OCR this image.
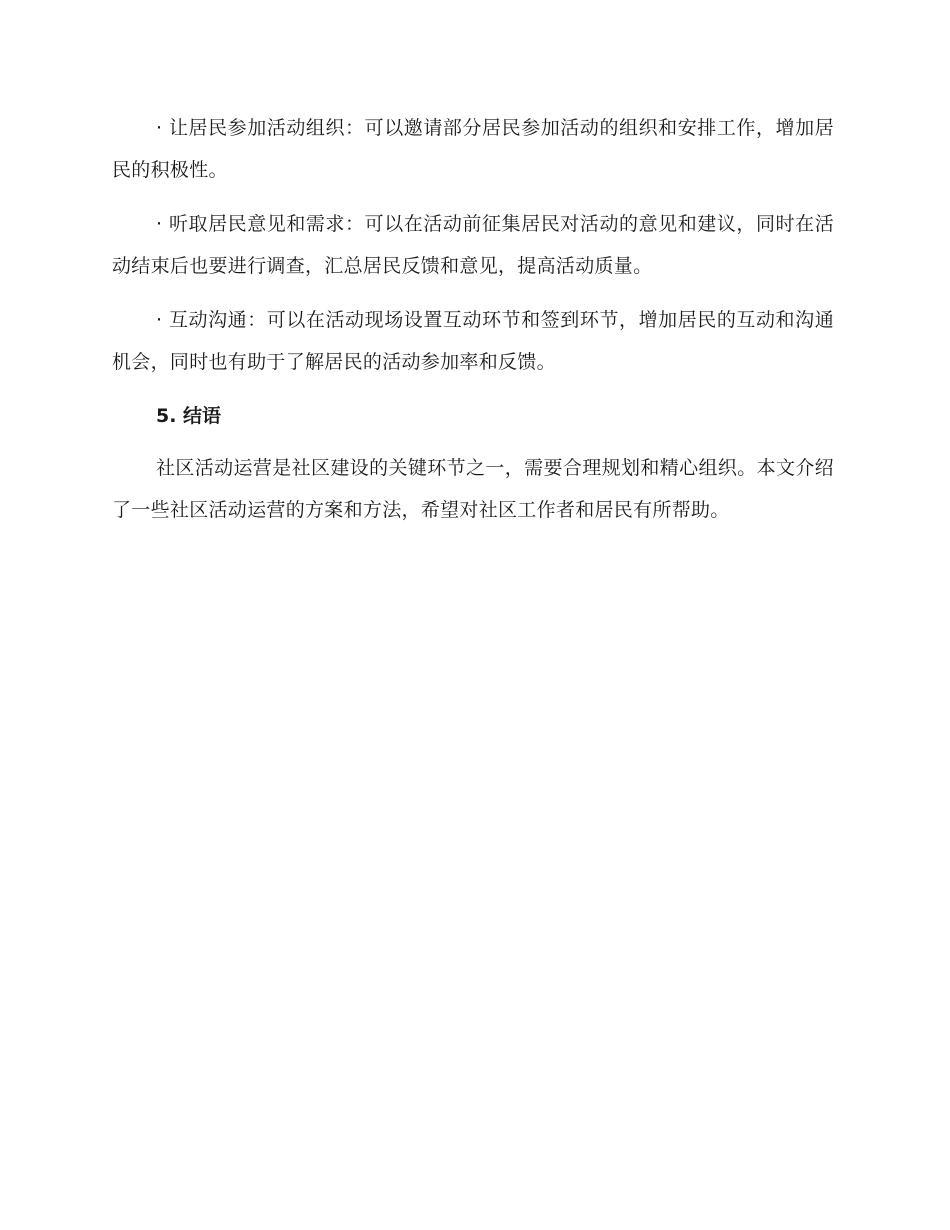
· 让居民参加活动组织：可以邀请部分居民参加活动的组织和安排工作，增加居民的积极性。

· 听取居民意见和需求：可以在活动前征集居民对活动的意见和建议，同时在活动结束后也要进行调查，汇总居民反馈和意见，提高活动质量。

· 互动沟通：可以在活动现场设置互动环节和签到环节，增加居民的互动和沟通机会，同时也有助于了解居民的活动参加率和反馈。

5. 结语

社区活动运营是社区建设的关键环节之一，需要合理规划和精心组织。本文介绍了一些社区活动运营的方案和方法，希望对社区工作者和居民有所帮助。
